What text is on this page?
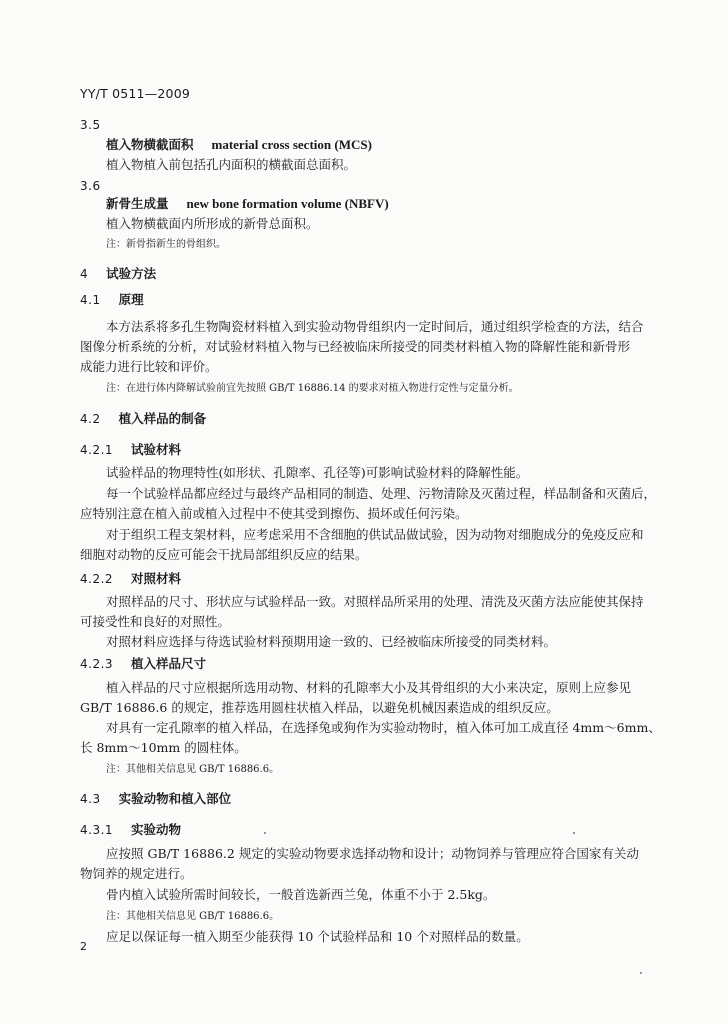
YY/T 0511—2009
3.5
植入物横截面积 material cross section (MCS)
植入物植入前包括孔内面积的横截面总面积。
3.6
新骨生成量 new bone formation volume (NBFV)
植入物横截面内所形成的新骨总面积。
注：新骨指新生的骨组织。
4 试验方法
4.1 原理
本方法系将多孔生物陶瓷材料植入到实验动物骨组织内一定时间后，通过组织学检查的方法，结合
图像分析系统的分析，对试验材料植入物与已经被临床所接受的同类材料植入物的降解性能和新骨形
成能力进行比较和评价。
注：在进行体内降解试验前宜先按照 GB/T 16886.14 的要求对植入物进行定性与定量分析。
4.2 植入样品的制备
4.2.1 试验材料
试验样品的物理特性(如形状、孔隙率、孔径等)可影响试验材料的降解性能。
每一个试验样品都应经过与最终产品相同的制造、处理、污物清除及灭菌过程，样品制备和灭菌后，
应特别注意在植入前或植入过程中不使其受到擦伤、损坏或任何污染。
对于组织工程支架材料，应考虑采用不含细胞的供试品做试验，因为动物对细胞成分的免疫反应和
细胞对动物的反应可能会干扰局部组织反应的结果。
4.2.2 对照材料
对照样品的尺寸、形状应与试验样品一致。对照样品所采用的处理、清洗及灭菌方法应能使其保持
可接受性和良好的对照性。
对照材料应选择与待选试验材料预期用途一致的、已经被临床所接受的同类材料。
4.2.3 植入样品尺寸
植入样品的尺寸应根据所选用动物、材料的孔隙率大小及其骨组织的大小来决定，原则上应参见
GB/T 16886.6 的规定，推荐选用圆柱状植入样品，以避免机械因素造成的组织反应。
对具有一定孔隙率的植入样品，在选择兔或狗作为实验动物时，植入体可加工成直径 4mm～6mm、
长 8mm～10mm 的圆柱体。
注：其他相关信息见 GB/T 16886.6。
4.3 实验动物和植入部位
4.3.1 实验动物
应按照 GB/T 16886.2 规定的实验动物要求选择动物和设计；动物饲养与管理应符合国家有关动
物饲养的规定进行。
骨内植入试验所需时间较长，一般首选新西兰兔，体重不小于 2.5kg。
注：其他相关信息见 GB/T 16886.6。
应足以保证每一植入期至少能获得 10 个试验样品和 10 个对照样品的数量。
2
